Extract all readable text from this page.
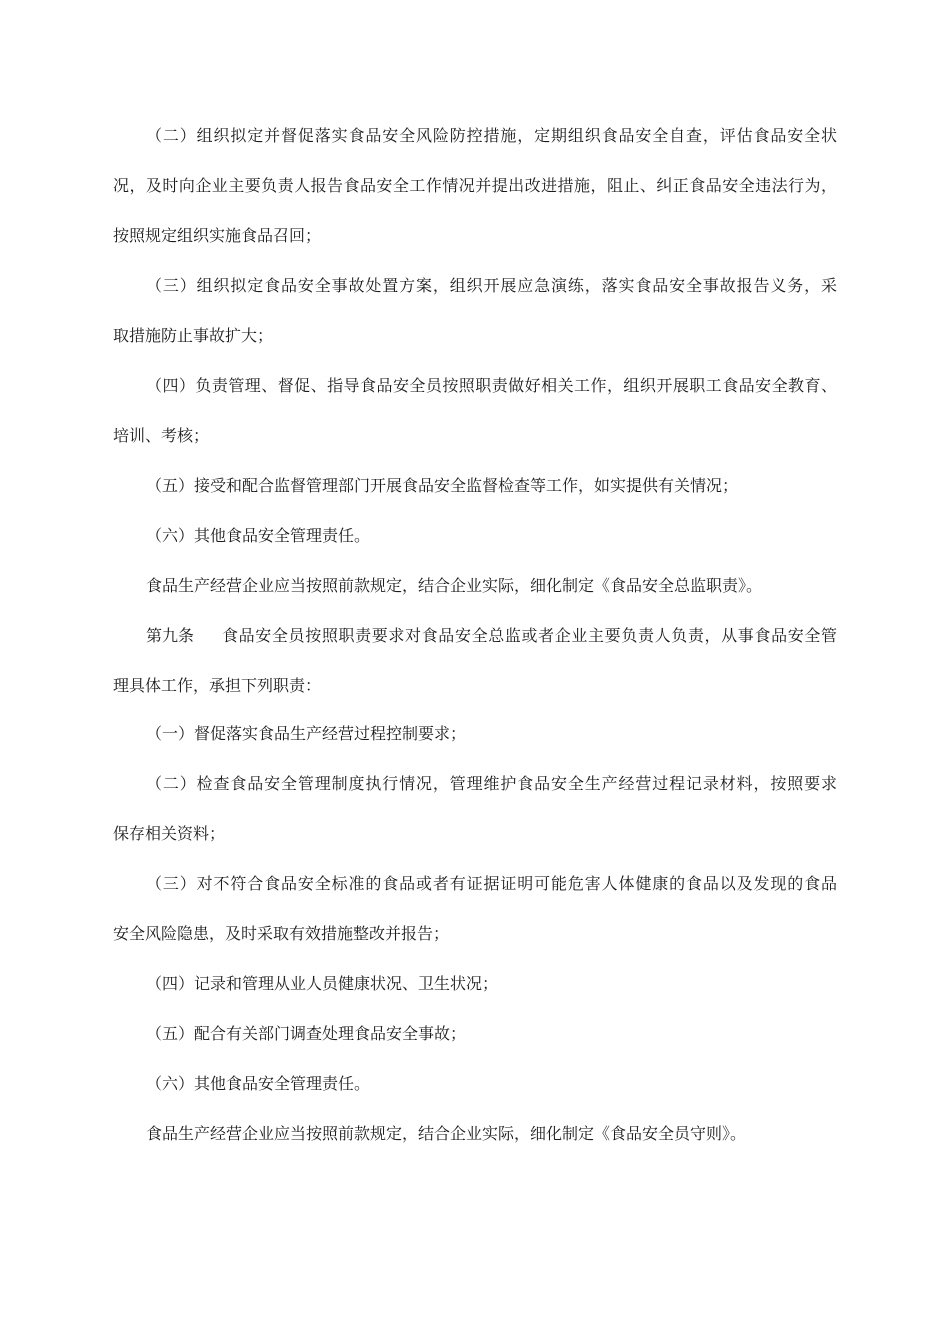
（二）组织拟定并督促落实食品安全风险防控措施，定期组织食品安全自查，评估食品安全状
况，及时向企业主要负责人报告食品安全工作情况并提出改进措施，阻止、纠正食品安全违法行为，
按照规定组织实施食品召回；
（三）组织拟定食品安全事故处置方案，组织开展应急演练，落实食品安全事故报告义务，采
取措施防止事故扩大；
（四）负责管理、督促、指导食品安全员按照职责做好相关工作，组织开展职工食品安全教育、
培训、考核；
（五）接受和配合监督管理部门开展食品安全监督检查等工作，如实提供有关情况；
（六）其他食品安全管理责任。
食品生产经营企业应当按照前款规定，结合企业实际，细化制定《食品安全总监职责》。
第九条	食品安全员按照职责要求对食品安全总监或者企业主要负责人负责，从事食品安全管
理具体工作，承担下列职责：
（一）督促落实食品生产经营过程控制要求；
（二）检查食品安全管理制度执行情况，管理维护食品安全生产经营过程记录材料，按照要求
保存相关资料；
（三）对不符合食品安全标准的食品或者有证据证明可能危害人体健康的食品以及发现的食品
安全风险隐患，及时采取有效措施整改并报告；
（四）记录和管理从业人员健康状况、卫生状况；
（五）配合有关部门调查处理食品安全事故；
（六）其他食品安全管理责任。
食品生产经营企业应当按照前款规定，结合企业实际，细化制定《食品安全员守则》。
